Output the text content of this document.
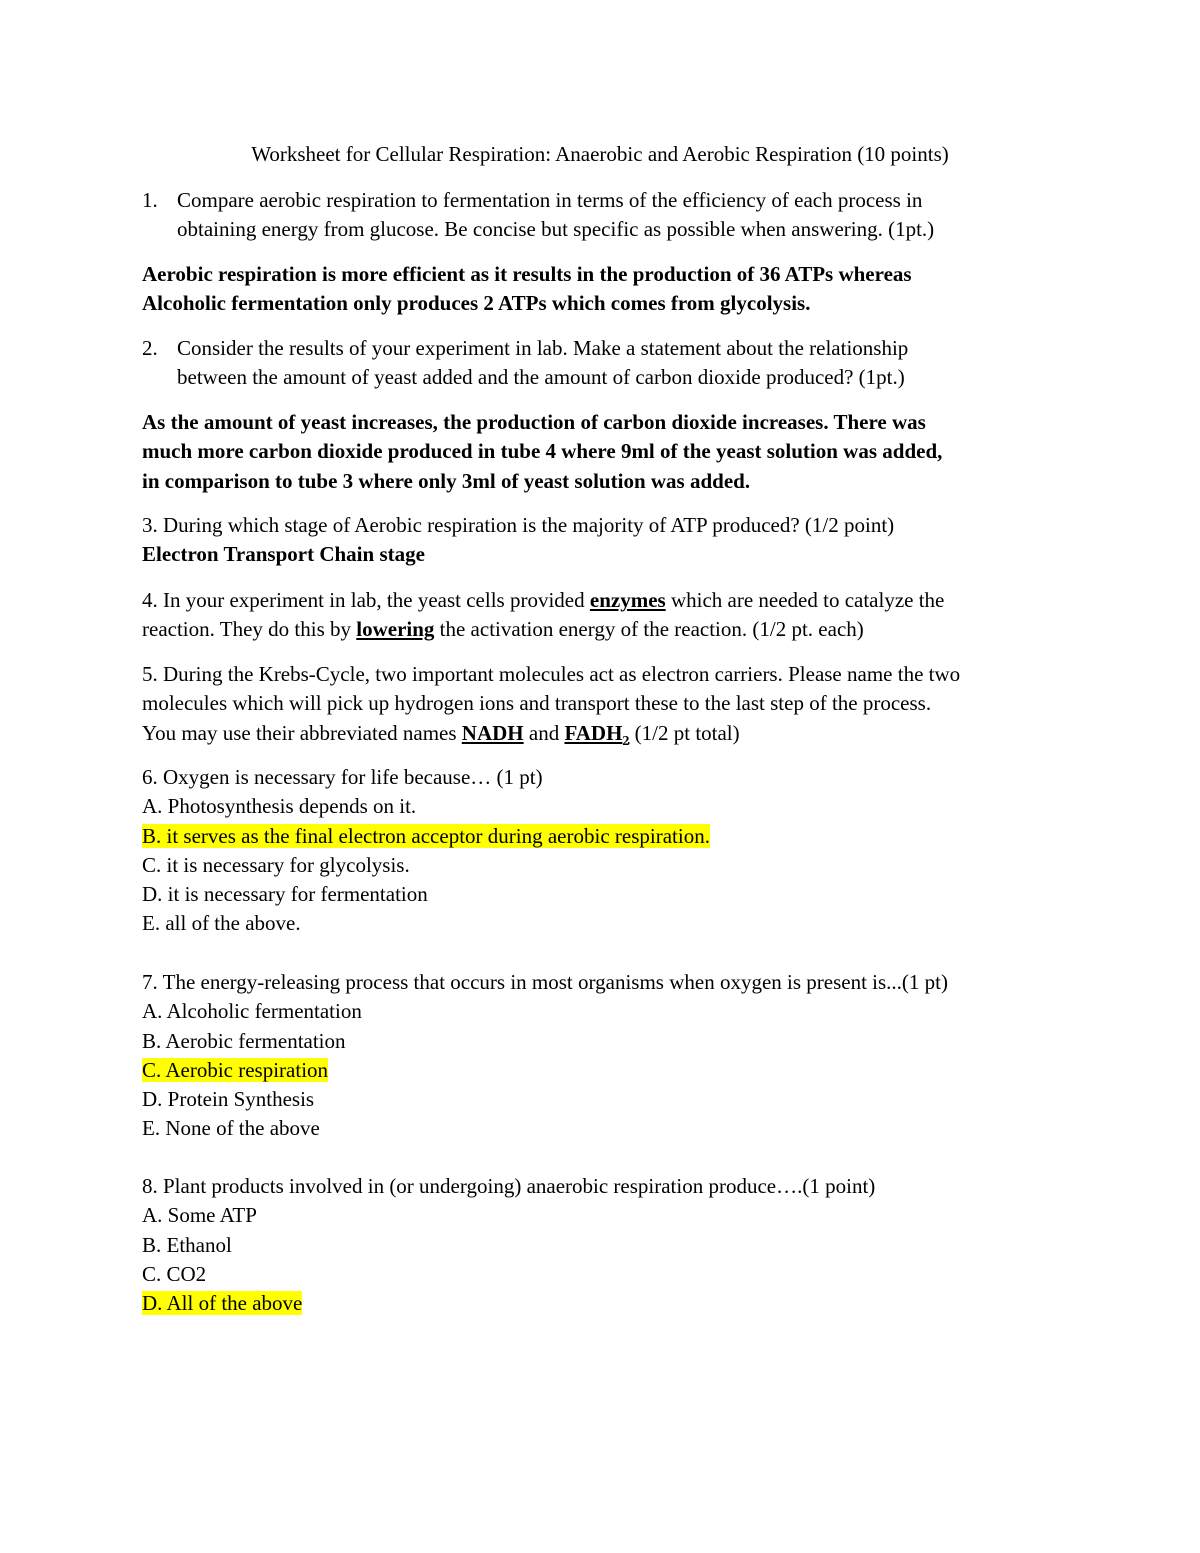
Worksheet for Cellular Respiration: Anaerobic and Aerobic Respiration (10 points)
1. Compare aerobic respiration to fermentation in terms of the efficiency of each process in
obtaining energy from glucose. Be concise but specific as possible when answering. (1pt.)
Aerobic respiration is more efficient as it results in the production of 36 ATPs whereas
Alcoholic fermentation only produces 2 ATPs which comes from glycolysis.
2. Consider the results of your experiment in lab. Make a statement about the relationship
between the amount of yeast added and the amount of carbon dioxide produced? (1pt.)
As the amount of yeast increases, the production of carbon dioxide increases. There was
much more carbon dioxide produced in tube 4 where 9ml of the yeast solution was added,
in comparison to tube 3 where only 3ml of yeast solution was added.
3. During which stage of Aerobic respiration is the majority of ATP produced? (1/2 point)
Electron Transport Chain stage
4. In your experiment in lab, the yeast cells provided enzymes which are needed to catalyze the
reaction. They do this by lowering the activation energy of the reaction. (1/2 pt. each)
5. During the Krebs-Cycle, two important molecules act as electron carriers. Please name the two
molecules which will pick up hydrogen ions and transport these to the last step of the process.
You may use their abbreviated names NADH and $FADH_2$ (1/2 pt total)
6. Oxygen is necessary for life because… (1 pt)
A. Photosynthesis depends on it.
B. it serves as the final electron acceptor during aerobic respiration.
C. it is necessary for glycolysis.
D. it is necessary for fermentation
E. all of the above.
7. The energy-releasing process that occurs in most organisms when oxygen is present is...(1 pt)
A. Alcoholic fermentation
B. Aerobic fermentation
C. Aerobic respiration
D. Protein Synthesis
E. None of the above
8. Plant products involved in (or undergoing) anaerobic respiration produce….(1 point)
A. Some ATP
B. Ethanol
C. CO2
D. All of the above
